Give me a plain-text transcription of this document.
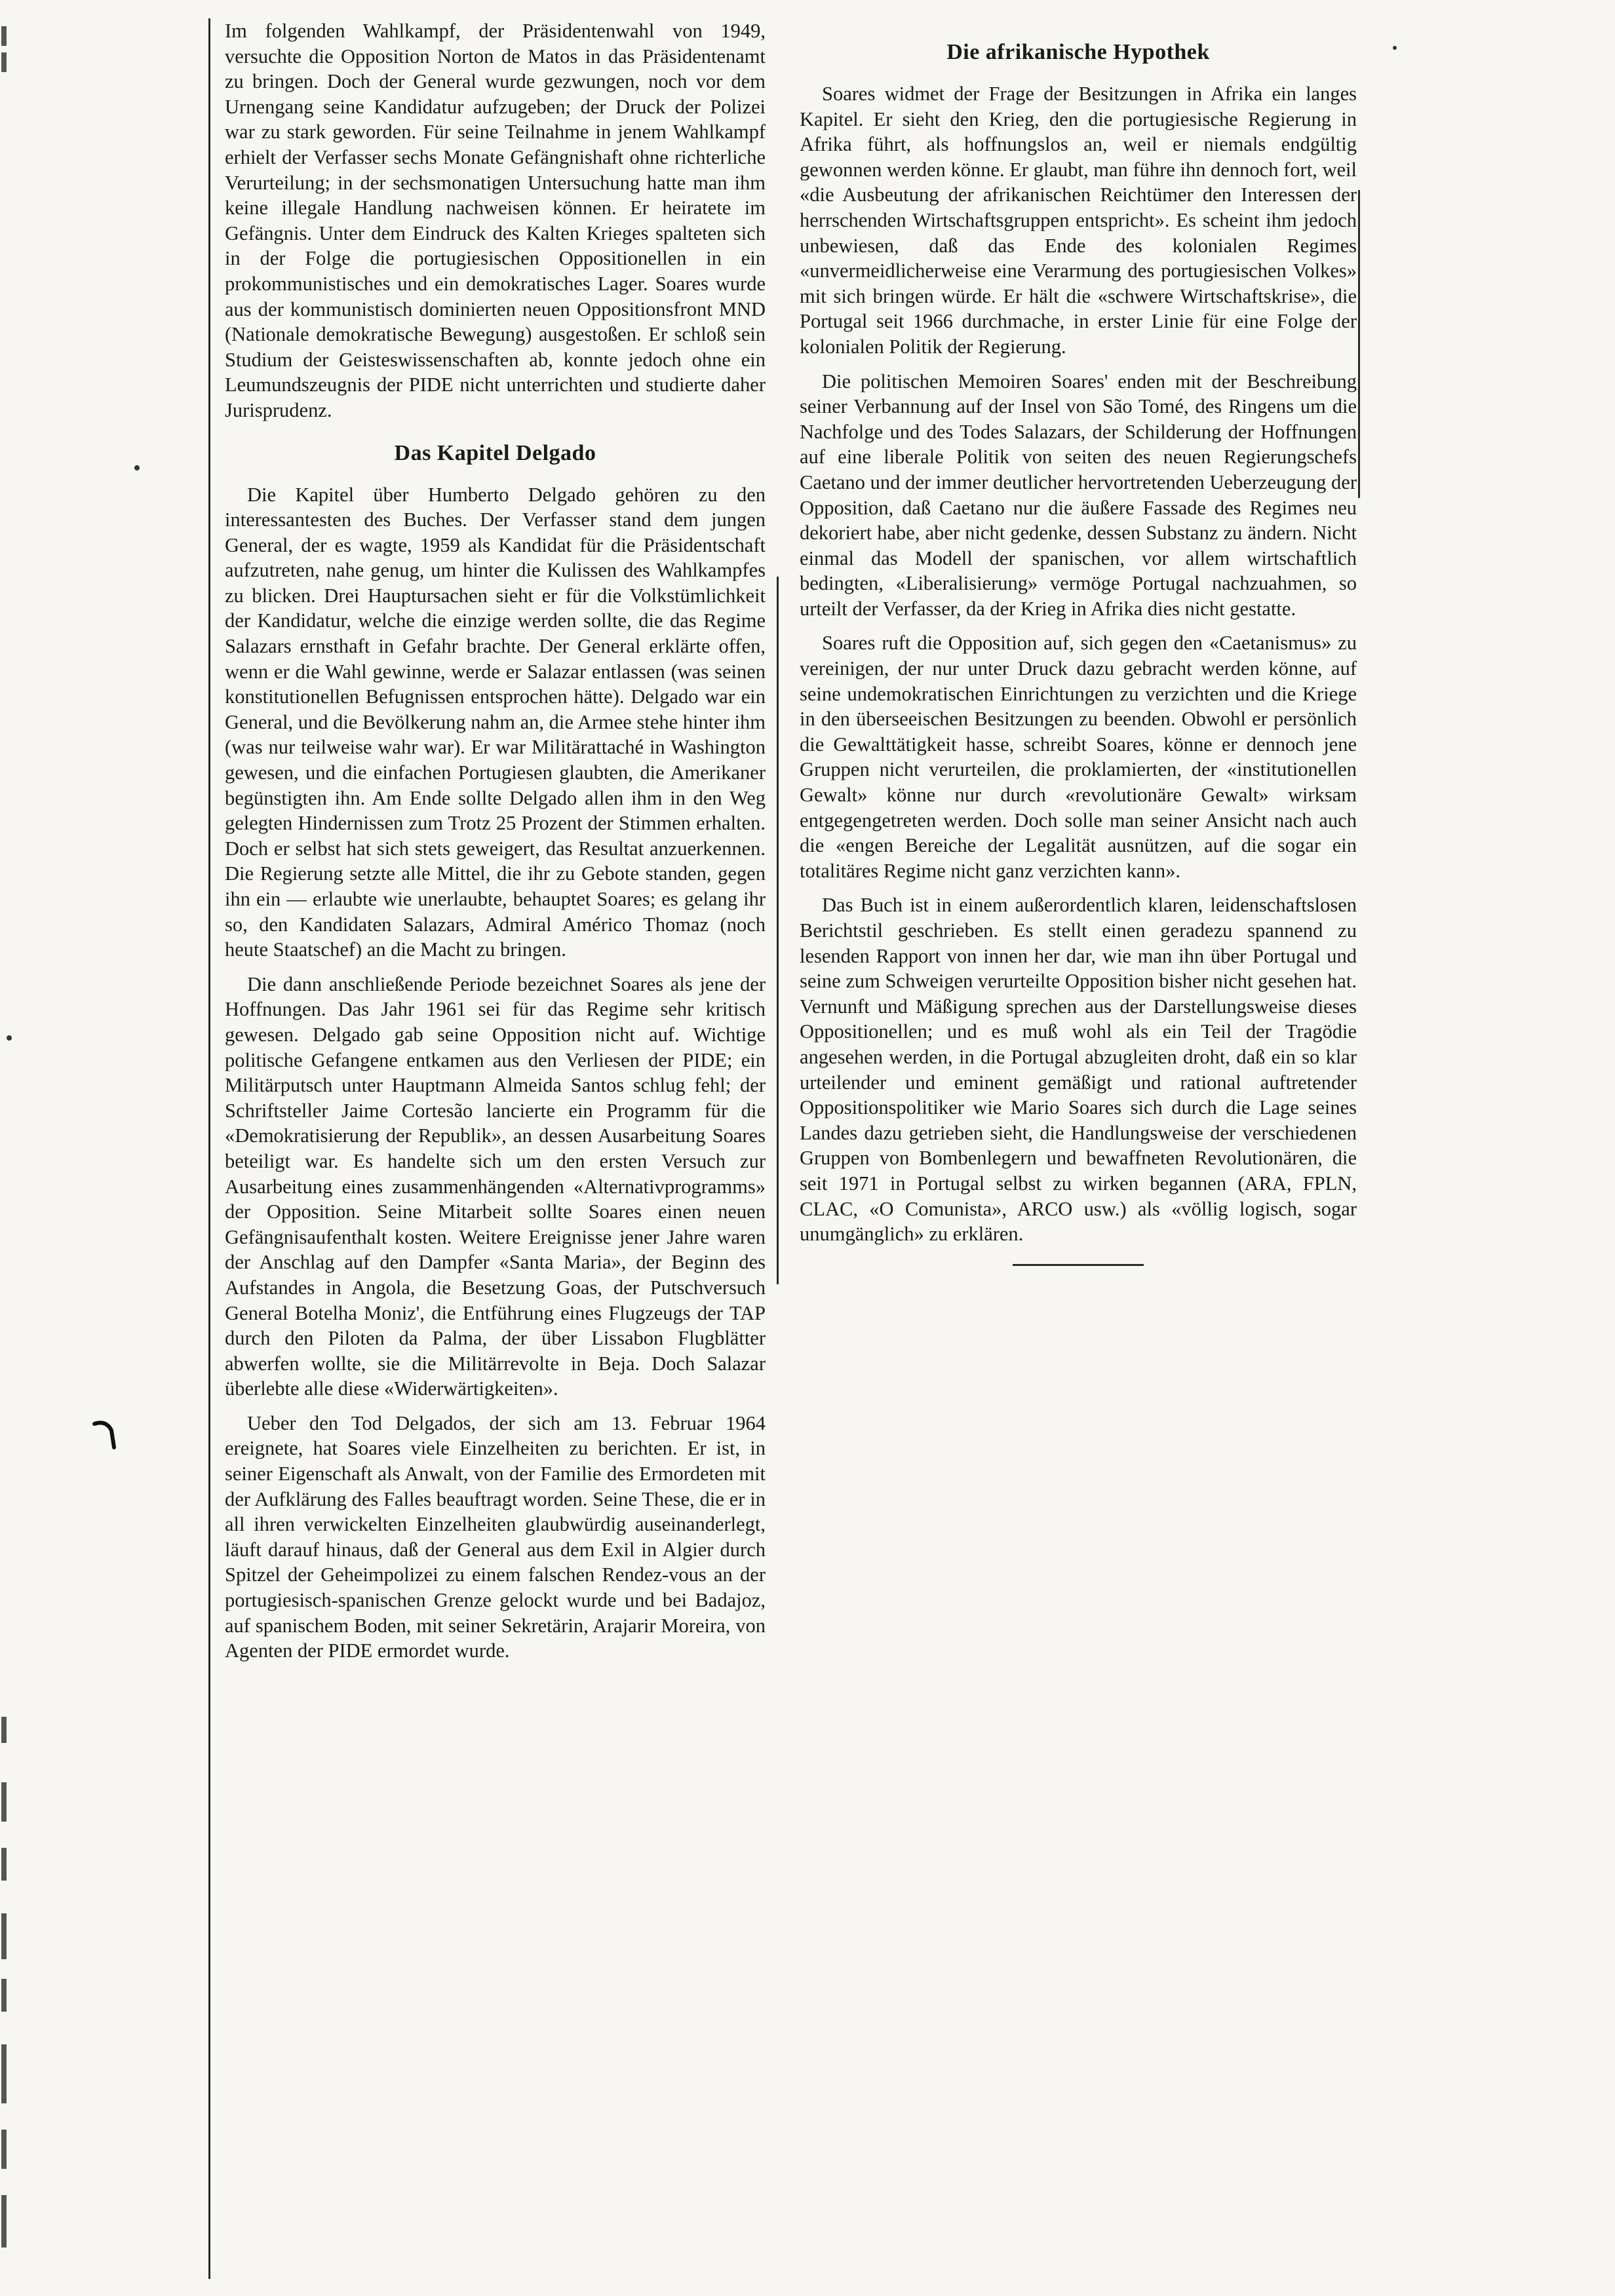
Im folgenden Wahlkampf, der Präsidentenwahl von 1949, versuchte die Opposition Norton de Matos in das Präsidentenamt zu bringen. Doch der General wurde gezwungen, noch vor dem Urnengang seine Kandidatur aufzugeben; der Druck der Polizei war zu stark geworden. Für seine Teilnahme in jenem Wahlkampf erhielt der Verfasser sechs Monate Gefängnishaft ohne richterliche Verurteilung; in der sechsmonatigen Untersuchung hatte man ihm keine illegale Handlung nachweisen können. Er heiratete im Gefängnis. Unter dem Eindruck des Kalten Krieges spalteten sich in der Folge die portugiesischen Oppositionellen in ein prokommunistisches und ein demokratisches Lager. Soares wurde aus der kommunistisch dominierten neuen Oppositionsfront MND (Nationale demokratische Bewegung) ausgestoßen. Er schloß sein Studium der Geisteswissenschaften ab, konnte jedoch ohne ein Leumundszeugnis der PIDE nicht unterrichten und studierte daher Jurisprudenz.

Das Kapitel Delgado

Die Kapitel über Humberto Delgado gehören zu den interessantesten des Buches. Der Verfasser stand dem jungen General, der es wagte, 1959 als Kandidat für die Präsidentschaft aufzutreten, nahe genug, um hinter die Kulissen des Wahlkampfes zu blicken. Drei Hauptursachen sieht er für die Volkstümlichkeit der Kandidatur, welche die einzige werden sollte, die das Regime Salazars ernsthaft in Gefahr brachte. Der General erklärte offen, wenn er die Wahl gewinne, werde er Salazar entlassen (was seinen konstitutionellen Befugnissen entsprochen hätte). Delgado war ein General, und die Bevölkerung nahm an, die Armee stehe hinter ihm (was nur teilweise wahr war). Er war Militärattaché in Washington gewesen, und die einfachen Portugiesen glaubten, die Amerikaner begünstigten ihn. Am Ende sollte Delgado allen ihm in den Weg gelegten Hindernissen zum Trotz 25 Prozent der Stimmen erhalten. Doch er selbst hat sich stets geweigert, das Resultat anzuerkennen. Die Regierung setzte alle Mittel, die ihr zu Gebote standen, gegen ihn ein — erlaubte wie unerlaubte, behauptet Soares; es gelang ihr so, den Kandidaten Salazars, Admiral Américo Thomaz (noch heute Staatschef) an die Macht zu bringen.

Die dann anschließende Periode bezeichnet Soares als jene der Hoffnungen. Das Jahr 1961 sei für das Regime sehr kritisch gewesen. Delgado gab seine Opposition nicht auf. Wichtige politische Gefangene entkamen aus den Verliesen der PIDE; ein Militärputsch unter Hauptmann Almeida Santos schlug fehl; der Schriftsteller Jaime Cortesão lancierte ein Programm für die «Demokratisierung der Republik», an dessen Ausarbeitung Soares beteiligt war. Es handelte sich um den ersten Versuch zur Ausarbeitung eines zusammenhängenden «Alternativprogramms» der Opposition. Seine Mitarbeit sollte Soares einen neuen Gefängnisaufenthalt kosten. Weitere Ereignisse jener Jahre waren der Anschlag auf den Dampfer «Santa Maria», der Beginn des Aufstandes in Angola, die Besetzung Goas, der Putschversuch General Botelha Moniz', die Entführung eines Flugzeugs der TAP durch den Piloten da Palma, der über Lissabon Flugblätter abwerfen wollte, sie die Militärrevolte in Beja. Doch Salazar überlebte alle diese «Widerwärtigkeiten».

Ueber den Tod Delgados, der sich am 13. Februar 1964 ereignete, hat Soares viele Einzelheiten zu berichten. Er ist, in seiner Eigenschaft als Anwalt, von der Familie des Ermordeten mit der Aufklärung des Falles beauftragt worden. Seine These, die er in all ihren verwickelten Einzelheiten glaubwürdig auseinanderlegt, läuft darauf hinaus, daß der General aus dem Exil in Algier durch Spitzel der Geheimpolizei zu einem falschen Rendez-vous an der portugiesisch-spanischen Grenze gelockt wurde und bei Badajoz, auf spanischem Boden, mit seiner Sekretärin, Arajarir Moreira, von Agenten der PIDE ermordet wurde.

Die afrikanische Hypothek

Soares widmet der Frage der Besitzungen in Afrika ein langes Kapitel. Er sieht den Krieg, den die portugiesische Regierung in Afrika führt, als hoffnungslos an, weil er niemals endgültig gewonnen werden könne. Er glaubt, man führe ihn dennoch fort, weil «die Ausbeutung der afrikanischen Reichtümer den Interessen der herrschenden Wirtschaftsgruppen entspricht». Es scheint ihm jedoch unbewiesen, daß das Ende des kolonialen Regimes «unvermeidlicherweise eine Verarmung des portugiesischen Volkes» mit sich bringen würde. Er hält die «schwere Wirtschaftskrise», die Portugal seit 1966 durchmache, in erster Linie für eine Folge der kolonialen Politik der Regierung.

Die politischen Memoiren Soares' enden mit der Beschreibung seiner Verbannung auf der Insel von São Tomé, des Ringens um die Nachfolge und des Todes Salazars, der Schilderung der Hoffnungen auf eine liberale Politik von seiten des neuen Regierungschefs Caetano und der immer deutlicher hervortretenden Ueberzeugung der Opposition, daß Caetano nur die äußere Fassade des Regimes neu dekoriert habe, aber nicht gedenke, dessen Substanz zu ändern. Nicht einmal das Modell der spanischen, vor allem wirtschaftlich bedingten, «Liberalisierung» vermöge Portugal nachzuahmen, so urteilt der Verfasser, da der Krieg in Afrika dies nicht gestatte.

Soares ruft die Opposition auf, sich gegen den «Caetanismus» zu vereinigen, der nur unter Druck dazu gebracht werden könne, auf seine undemokratischen Einrichtungen zu verzichten und die Kriege in den überseeischen Besitzungen zu beenden. Obwohl er persönlich die Gewalttätigkeit hasse, schreibt Soares, könne er dennoch jene Gruppen nicht verurteilen, die proklamierten, der «institutionellen Gewalt» könne nur durch «revolutionäre Gewalt» wirksam entgegengetreten werden. Doch solle man seiner Ansicht nach auch die «engen Bereiche der Legalität ausnützen, auf die sogar ein totalitäres Regime nicht ganz verzichten kann».

Das Buch ist in einem außerordentlich klaren, leidenschaftslosen Berichtstil geschrieben. Es stellt einen geradezu spannend zu lesenden Rapport von innen her dar, wie man ihn über Portugal und seine zum Schweigen verurteilte Opposition bisher nicht gesehen hat. Vernunft und Mäßigung sprechen aus der Darstellungsweise dieses Oppositionellen; und es muß wohl als ein Teil der Tragödie angesehen werden, in die Portugal abzugleiten droht, daß ein so klar urteilender und eminent gemäßigt und rational auftretender Oppositionspolitiker wie Mario Soares sich durch die Lage seines Landes dazu getrieben sieht, die Handlungsweise der verschiedenen Gruppen von Bombenlegern und bewaffneten Revolutionären, die seit 1971 in Portugal selbst zu wirken begannen (ARA, FPLN, CLAC, «O Comunista», ARCO usw.) als «völlig logisch, sogar unumgänglich» zu erklären.
